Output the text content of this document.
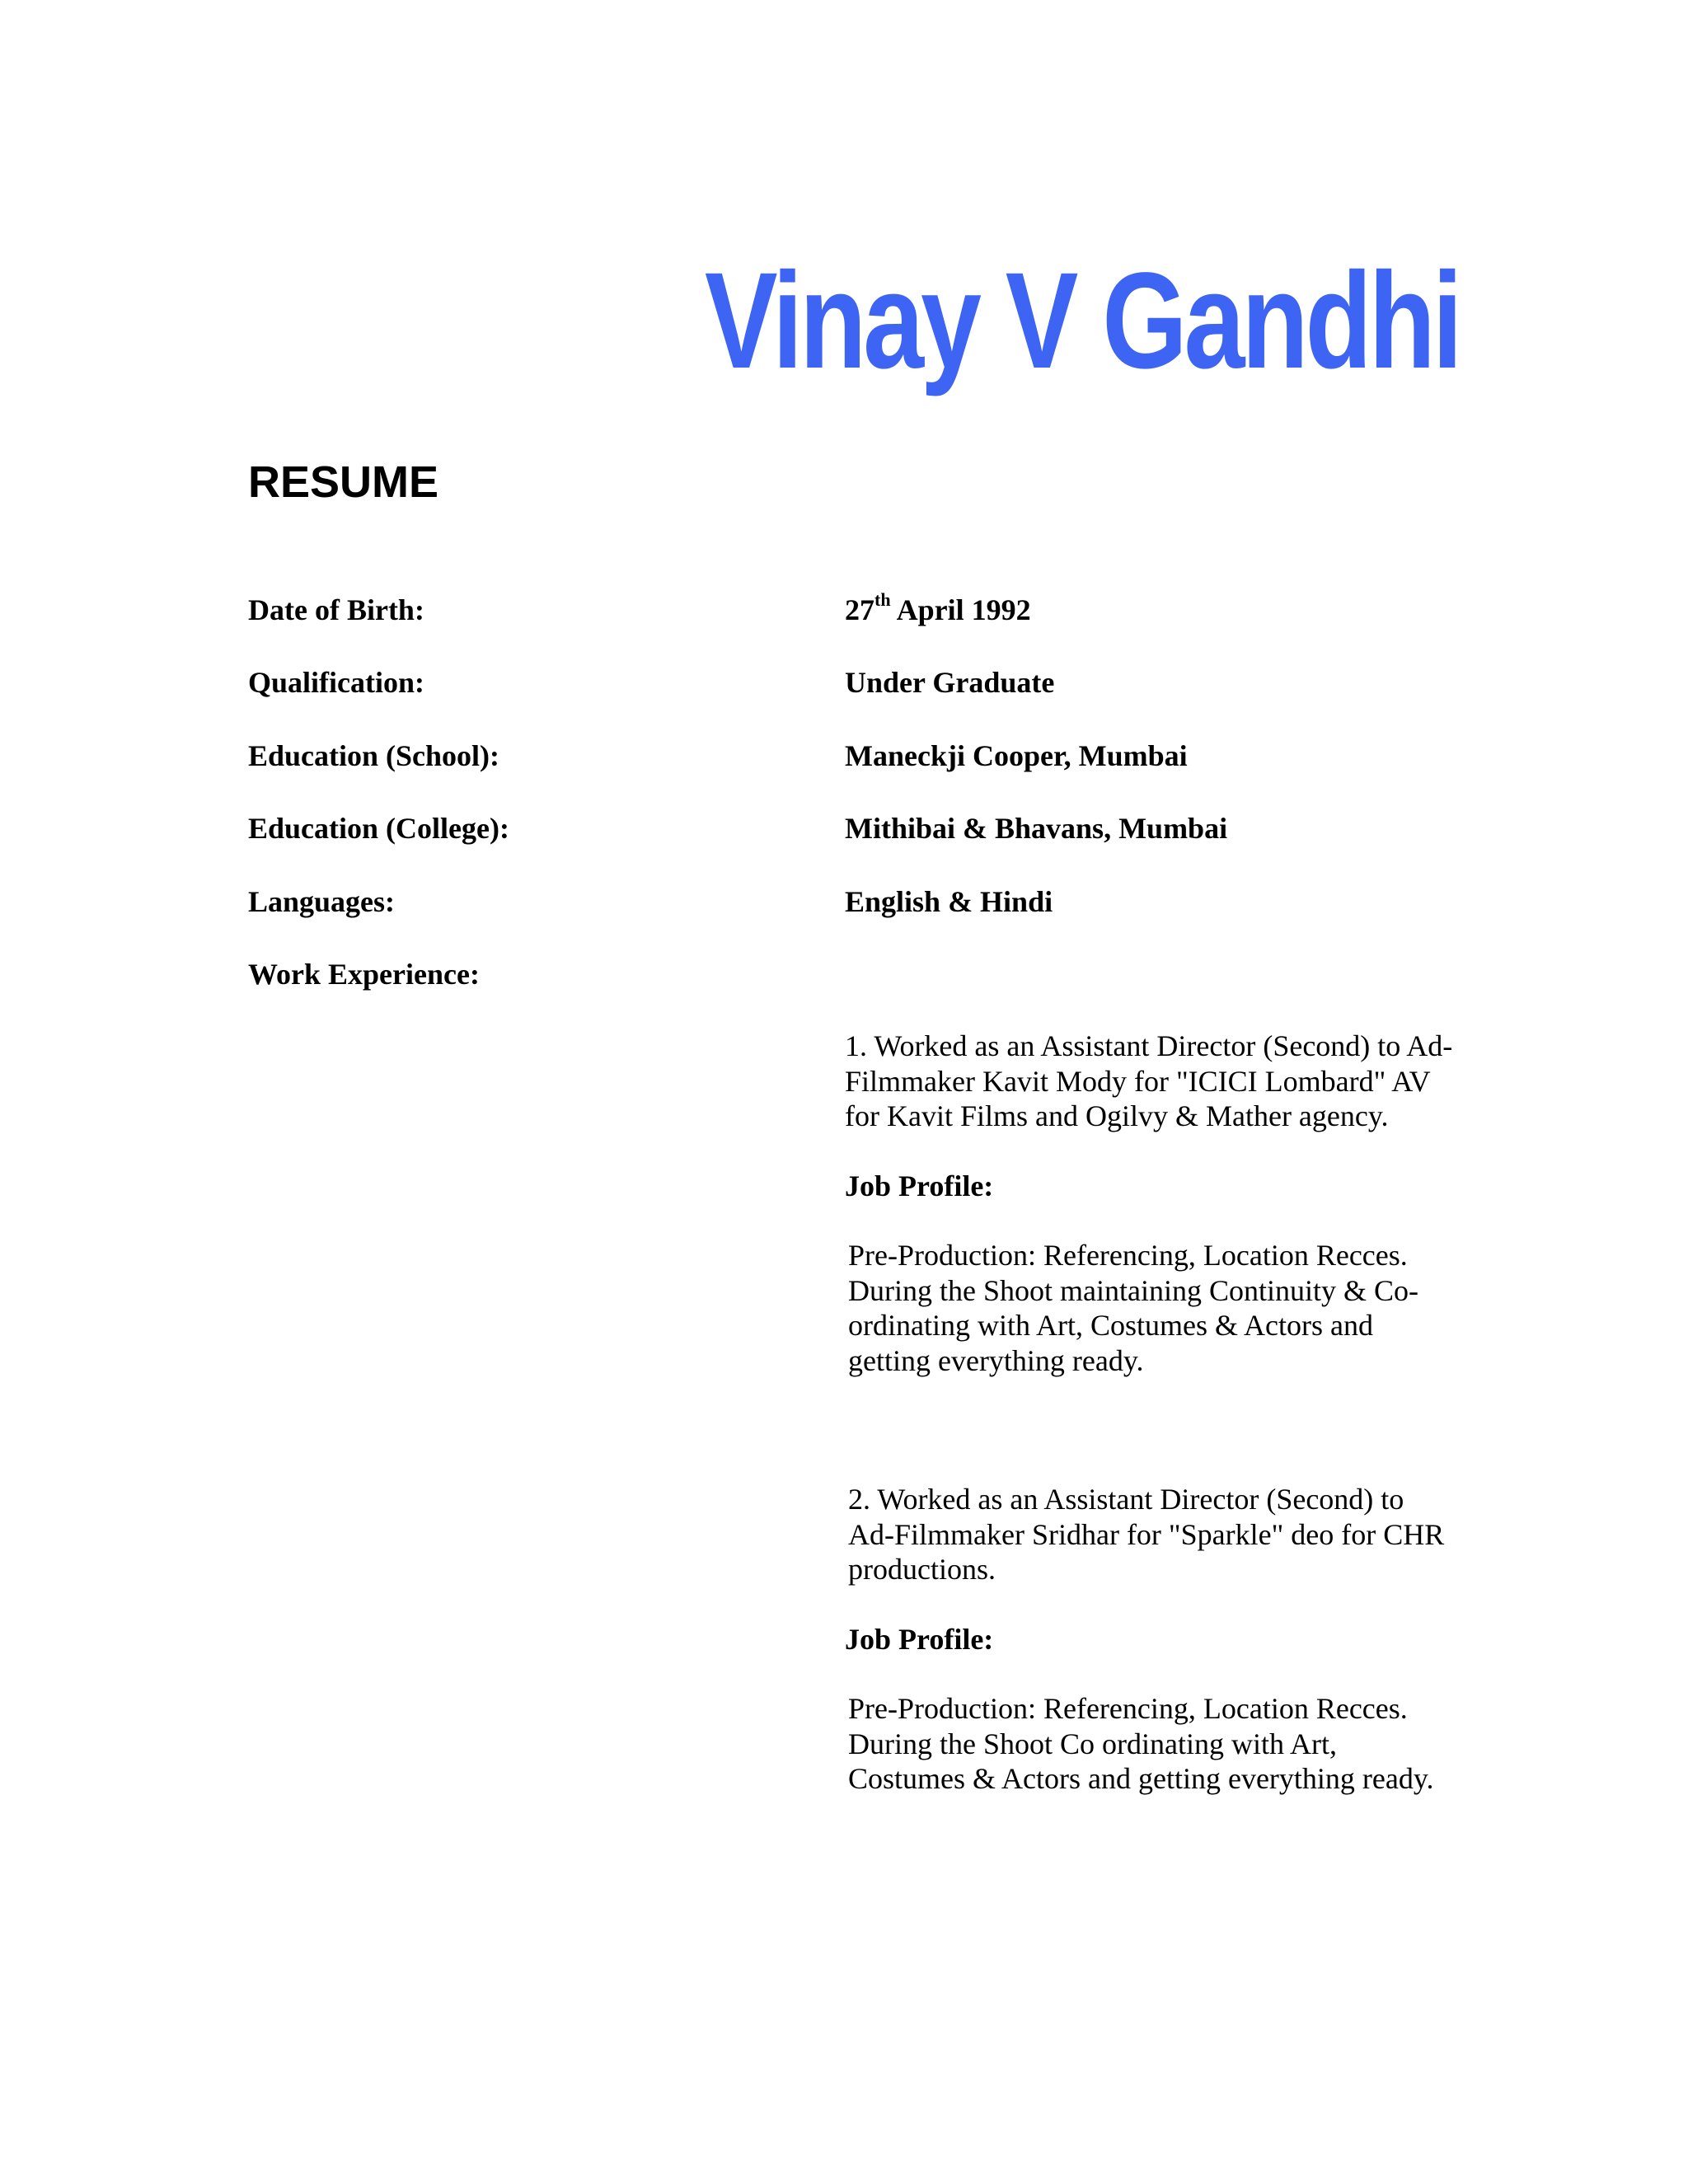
Vinay V Gandhi
RESUME
Date of Birth:	27th April 1992
Qualification:	Under Graduate
Education (School):	Maneckji Cooper, Mumbai
Education (College):	Mithibai & Bhavans, Mumbai
Languages:	English & Hindi
Work Experience:

1. Worked as an Assistant Director (Second) to Ad-Filmmaker Kavit Mody for "ICICI Lombard" AV for Kavit Films and Ogilvy & Mather agency.

Job Profile:

Pre-Production: Referencing, Location Recces. During the Shoot maintaining Continuity & Co-ordinating with Art, Costumes & Actors and getting everything ready.

2. Worked as an Assistant Director (Second) to Ad-Filmmaker Sridhar for "Sparkle" deo for CHR productions.

Job Profile:

Pre-Production: Referencing, Location Recces. During the Shoot Co ordinating with Art, Costumes & Actors and getting everything ready.
